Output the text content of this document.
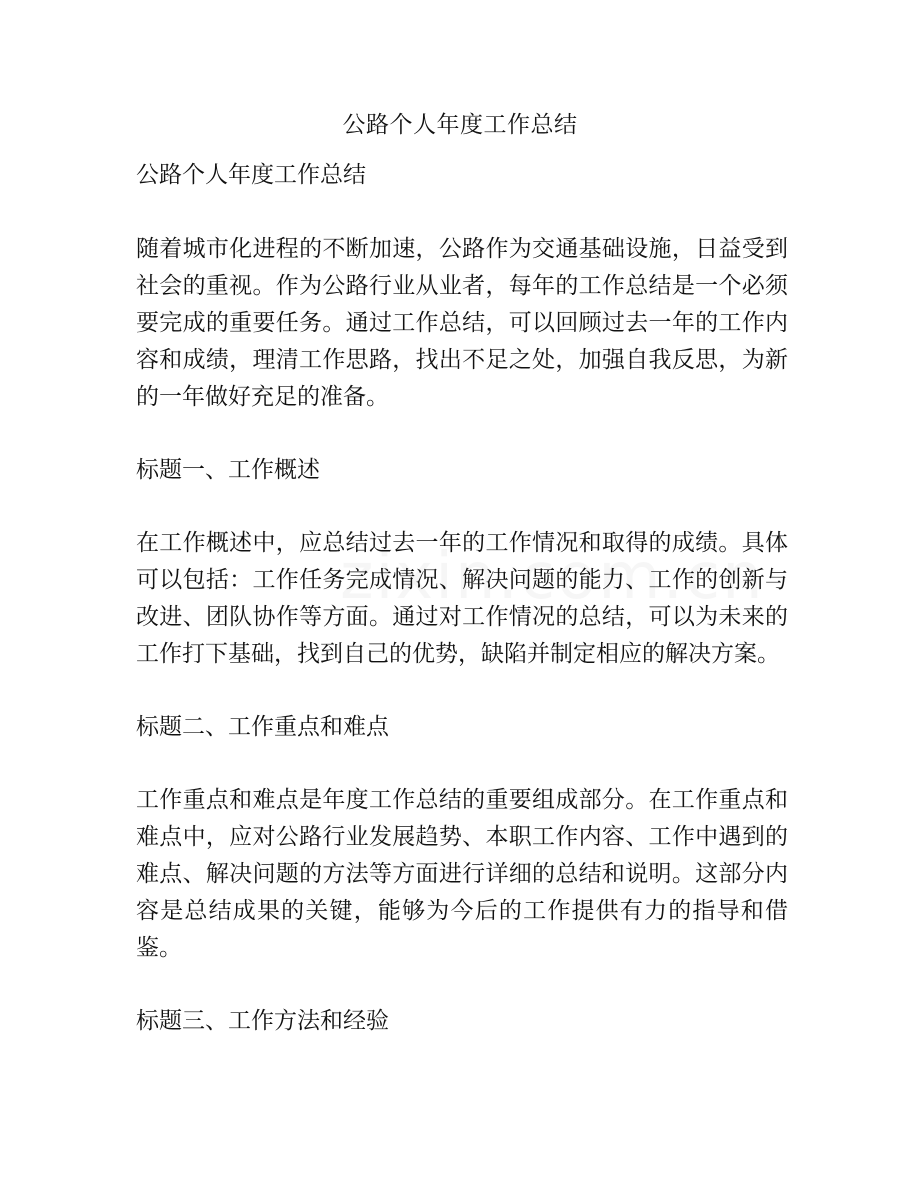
公路个人年度工作总结

公路个人年度工作总结

随着城市化进程的不断加速，公路作为交通基础设施，日益受到社会的重视。作为公路行业从业者，每年的工作总结是一个必须要完成的重要任务。通过工作总结，可以回顾过去一年的工作内容和成绩，理清工作思路，找出不足之处，加强自我反思，为新的一年做好充足的准备。

标题一、工作概述

在工作概述中，应总结过去一年的工作情况和取得的成绩。具体可以包括：工作任务完成情况、解决问题的能力、工作的创新与改进、团队协作等方面。通过对工作情况的总结，可以为未来的工作打下基础，找到自己的优势，缺陷并制定相应的解决方案。

标题二、工作重点和难点

工作重点和难点是年度工作总结的重要组成部分。在工作重点和难点中，应对公路行业发展趋势、本职工作内容、工作中遇到的难点、解决问题的方法等方面进行详细的总结和说明。这部分内容是总结成果的关键，能够为今后的工作提供有力的指导和借鉴。

标题三、工作方法和经验
